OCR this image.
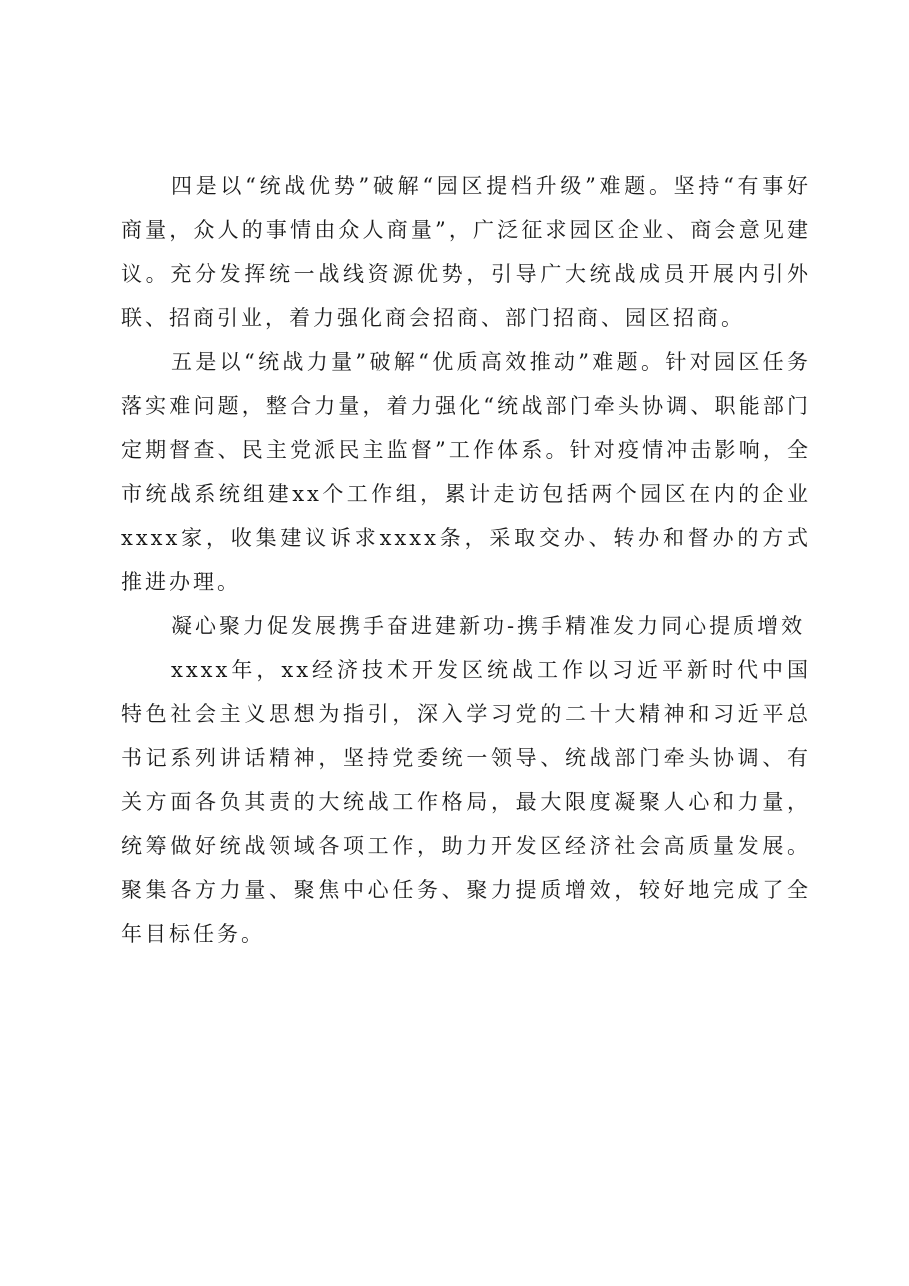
四是以“统战优势”破解“园区提档升级”难题。坚持“有事好商量，众人的事情由众人商量”，广泛征求园区企业、商会意见建议。充分发挥统一战线资源优势，引导广大统战成员开展内引外联、招商引业，着力强化商会招商、部门招商、园区招商。

五是以“统战力量”破解“优质高效推动”难题。针对园区任务落实难问题，整合力量，着力强化“统战部门牵头协调、职能部门定期督查、民主党派民主监督”工作体系。针对疫情冲击影响，全市统战系统组建xx个工作组，累计走访包括两个园区在内的企业xxxx家，收集建议诉求xxxx条，采取交办、转办和督办的方式推进办理。

凝心聚力促发展携手奋进建新功-携手精准发力同心提质增效

xxxx年，xx经济技术开发区统战工作以习近平新时代中国特色社会主义思想为指引，深入学习党的二十大精神和习近平总书记系列讲话精神，坚持党委统一领导、统战部门牵头协调、有关方面各负其责的大统战工作格局，最大限度凝聚人心和力量，统筹做好统战领域各项工作，助力开发区经济社会高质量发展。聚集各方力量、聚焦中心任务、聚力提质增效，较好地完成了全年目标任务。
